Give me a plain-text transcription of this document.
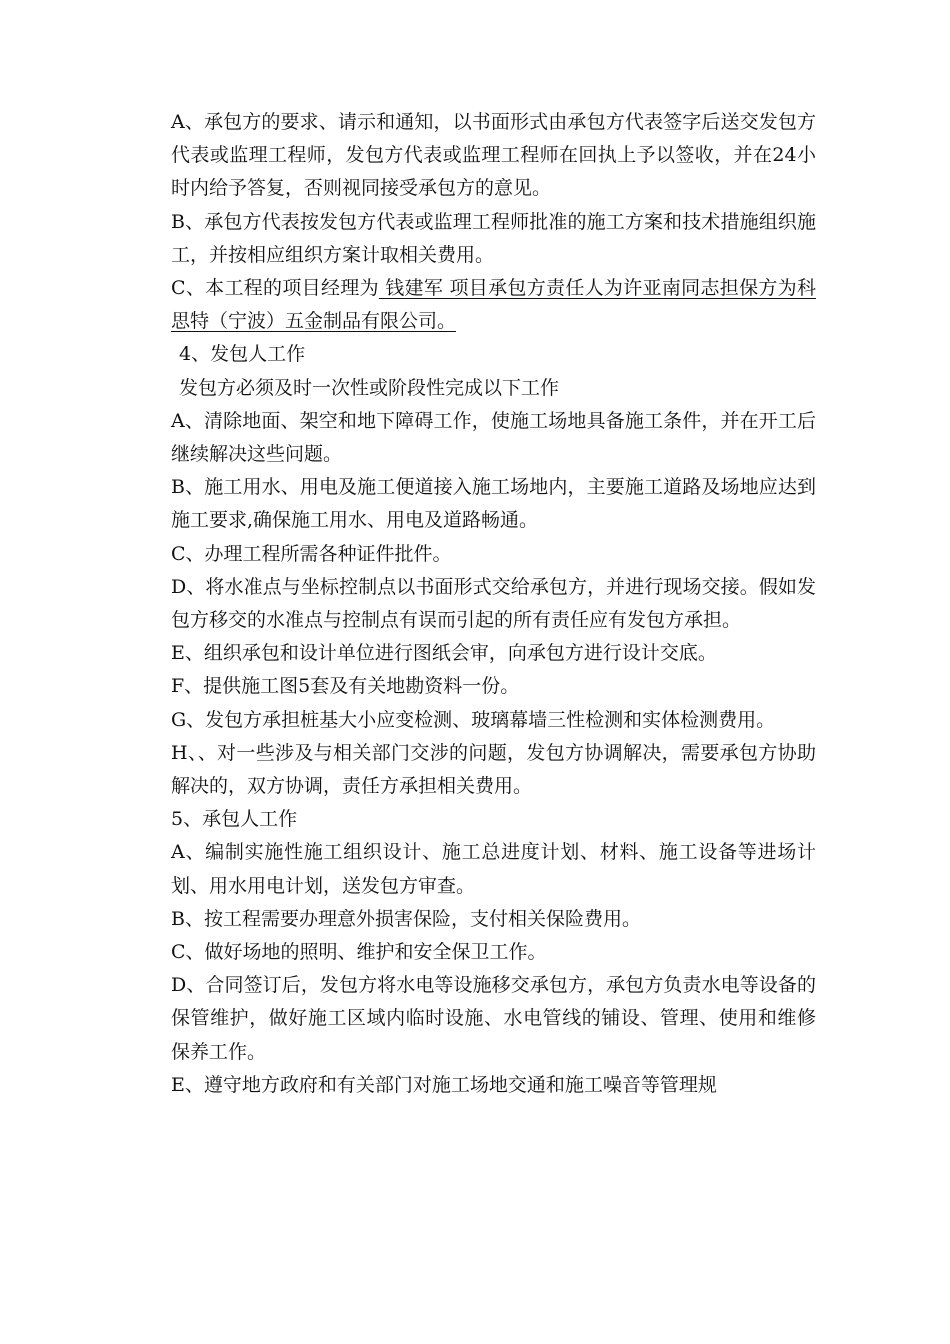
A、承包方的要求、请示和通知，以书面形式由承包方代表签字后送交发包方代表或监理工程师，发包方代表或监理工程师在回执上予以签收，并在24小时内给予答复，否则视同接受承包方的意见。

B、承包方代表按发包方代表或监理工程师批准的施工方案和技术措施组织施工，并按相应组织方案计取相关费用。

C、本工程的项目经理为 钱建军 项目承包方责任人为许亚南同志担保方为科思特（宁波）五金制品有限公司。

4、发包人工作

发包方必须及时一次性或阶段性完成以下工作

A、清除地面、架空和地下障碍工作，使施工场地具备施工条件，并在开工后继续解决这些问题。

B、施工用水、用电及施工便道接入施工场地内，主要施工道路及场地应达到施工要求,确保施工用水、用电及道路畅通。

C、办理工程所需各种证件批件。

D、将水准点与坐标控制点以书面形式交给承包方，并进行现场交接。假如发包方移交的水准点与控制点有误而引起的所有责任应有发包方承担。

E、组织承包和设计单位进行图纸会审，向承包方进行设计交底。

F、提供施工图5套及有关地勘资料一份。

G、发包方承担桩基大小应变检测、玻璃幕墙三性检测和实体检测费用。

H、、对一些涉及与相关部门交涉的问题，发包方协调解决，需要承包方协助解决的，双方协调，责任方承担相关费用。

5、承包人工作

A、编制实施性施工组织设计、施工总进度计划、材料、施工设备等进场计划、用水用电计划，送发包方审查。

B、按工程需要办理意外损害保险，支付相关保险费用。

C、做好场地的照明、维护和安全保卫工作。

D、合同签订后，发包方将水电等设施移交承包方，承包方负责水电等设备的保管维护，做好施工区域内临时设施、水电管线的铺设、管理、使用和维修保养工作。

E、遵守地方政府和有关部门对施工场地交通和施工噪音等管理规
